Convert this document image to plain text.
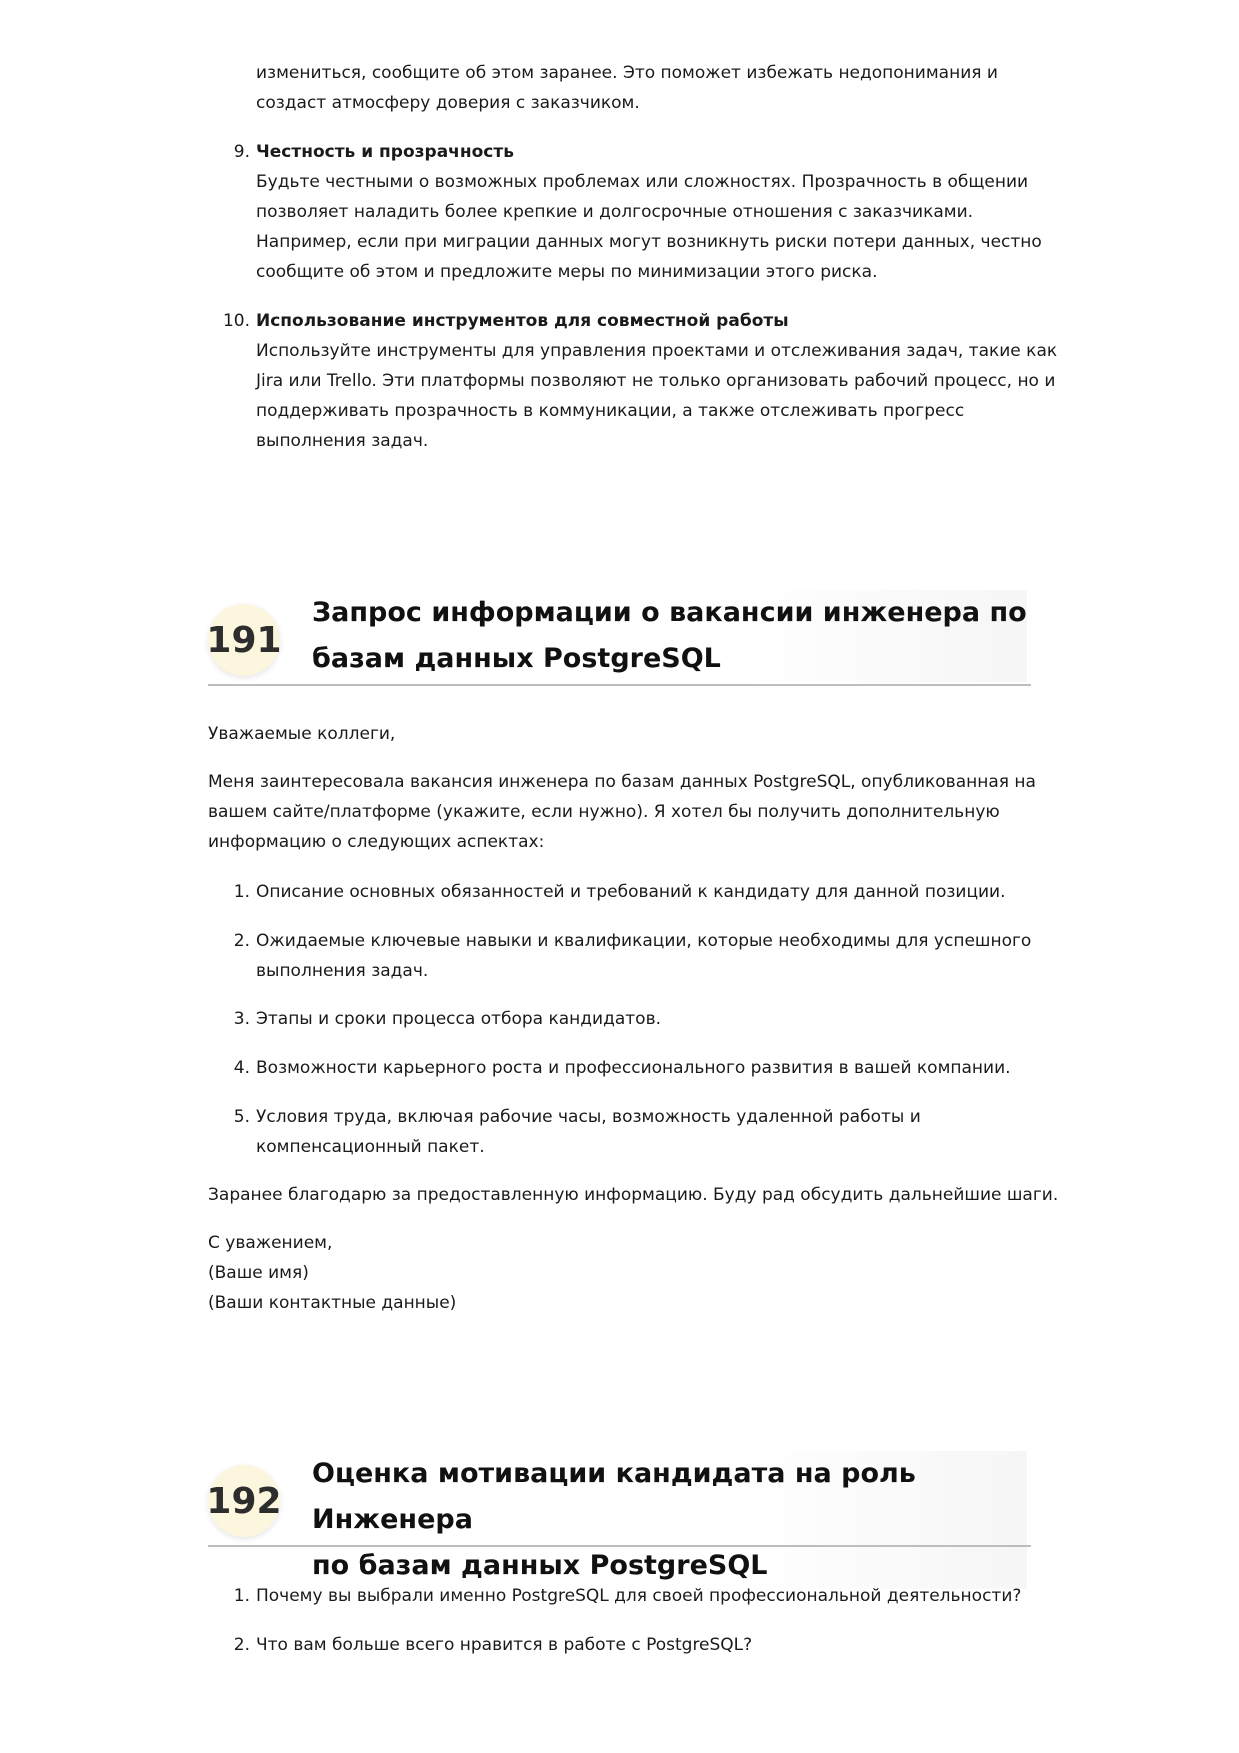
измениться, сообщите об этом заранее. Это поможет избежать недопонимания и

создаст атмосферу доверия с заказчиком.

9. Честность и прозрачность

Будьте честными о возможных проблемах или сложностях. Прозрачность в общении

позволяет наладить более крепкие и долгосрочные отношения с заказчиками.

Например, если при миграции данных могут возникнуть риски потери данных, честно

сообщите об этом и предложите меры по минимизации этого риска.

10. Использование инструментов для совместной работы

Используйте инструменты для управления проектами и отслеживания задач, такие как

Jira или Trello. Эти платформы позволяют не только организовать рабочий процесс, но и

поддерживать прозрачность в коммуникации, а также отслеживать прогресс

выполнения задач.

191
Запрос информации о вакансии инженера по
базам данных PostgreSQL

Уважаемые коллеги,

Меня заинтересовала вакансия инженера по базам данных PostgreSQL, опубликованная на

вашем сайте/платформе (укажите, если нужно). Я хотел бы получить дополнительную

информацию о следующих аспектах:

1. Описание основных обязанностей и требований к кандидату для данной позиции.

2. Ожидаемые ключевые навыки и квалификации, которые необходимы для успешного

выполнения задач.

3. Этапы и сроки процесса отбора кандидатов.

4. Возможности карьерного роста и профессионального развития в вашей компании.

5. Условия труда, включая рабочие часы, возможность удаленной работы и

компенсационный пакет.

Заранее благодарю за предоставленную информацию. Буду рад обсудить дальнейшие шаги.

С уважением,

(Ваше имя)

(Ваши контактные данные)

192
Оценка мотивации кандидата на роль Инженера
по базам данных PostgreSQL
1. Почему вы выбрали именно PostgreSQL для своей профессиональной деятельности?

2. Что вам больше всего нравится в работе с PostgreSQL?
